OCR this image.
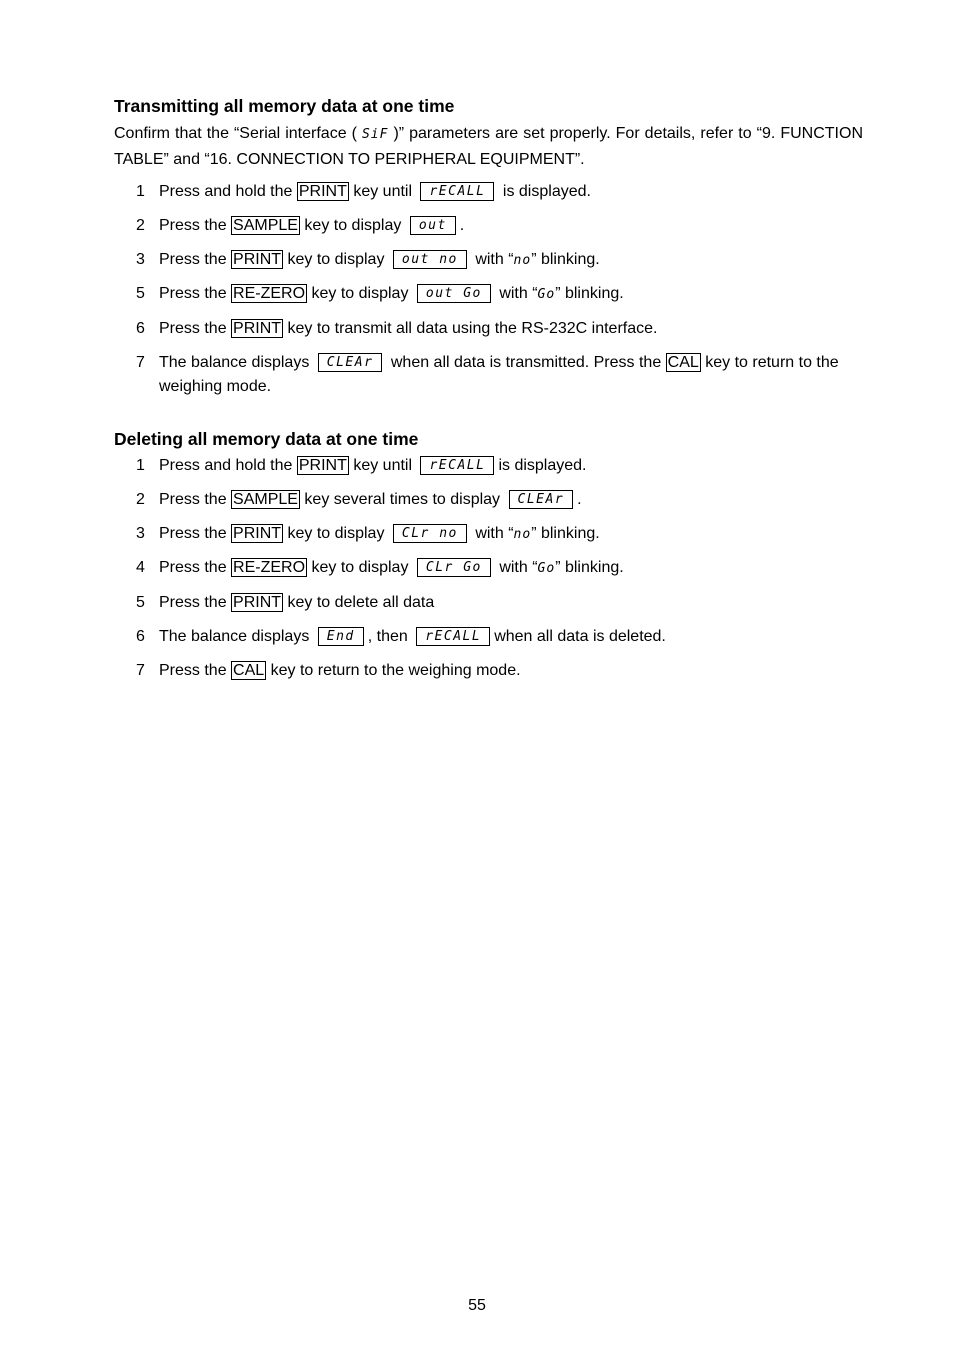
Transmitting all memory data at one time

Confirm that the “Serial interface ( SiF )” parameters are set properly. For details, refer to “9. FUNCTION TABLE” and “16. CONNECTION TO PERIPHERAL EQUIPMENT”.

1 Press and hold the PRINT key until rECALL is displayed.
2 Press the SAMPLE key to display out .
3 Press the PRINT key to display out no with “no” blinking.
5 Press the RE-ZERO key to display out Go with “Go” blinking.
6 Press the PRINT key to transmit all data using the RS-232C interface.
7 The balance displays CLEAr when all data is transmitted. Press the CAL key to return to the weighing mode.
Deleting all memory data at one time
1 Press and hold the PRINT key until rECALL is displayed.
2 Press the SAMPLE key several times to display CLEAr .
3 Press the PRINT key to display CLr no with “no” blinking.
4 Press the RE-ZERO key to display CLr Go with “Go” blinking.
5 Press the PRINT key to delete all data
6 The balance displays End , then rECALL when all data is deleted.
7 Press the CAL key to return to the weighing mode.
55
